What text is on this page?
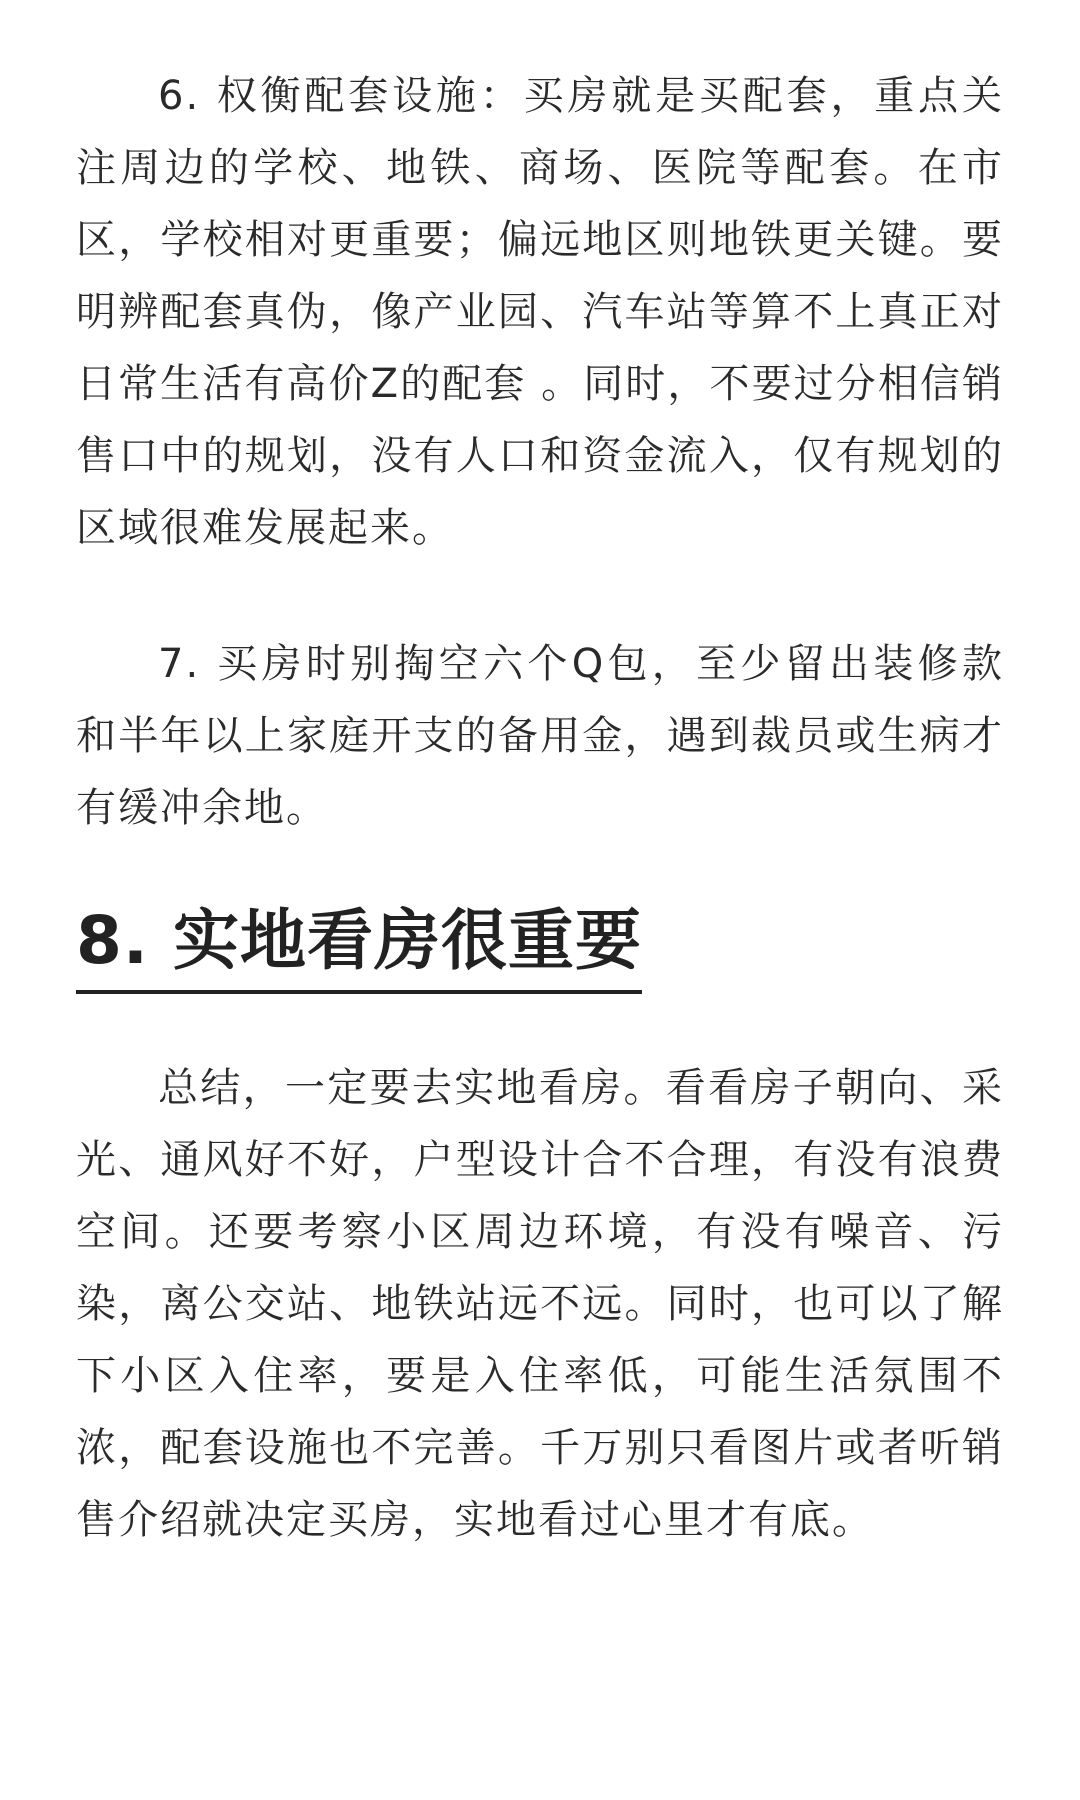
6. 权衡配套设施：买房就是买配套，重点关注周边的学校、地铁、商场、医院等配套。在市区，学校相对更重要；偏远地区则地铁更关键。要明辨配套真伪，像产业园、汽车站等算不上真正对日常生活有高价Z的配套 。同时，不要过分相信销售口中的规划，没有人口和资金流入，仅有规划的区域很难发展起来。

7. 买房时别掏空六个Q包，至少留出装修款和半年以上家庭开支的备用金，遇到裁员或生病才有缓冲余地。

8. 实地看房很重要

总结，一定要去实地看房。看看房子朝向、采光、通风好不好，户型设计合不合理，有没有浪费空间。还要考察小区周边环境，有没有噪音、污染，离公交站、地铁站远不远。同时，也可以了解下小区入住率，要是入住率低，可能生活氛围不浓，配套设施也不完善。千万别只看图片或者听销售介绍就决定买房，实地看过心里才有底。
